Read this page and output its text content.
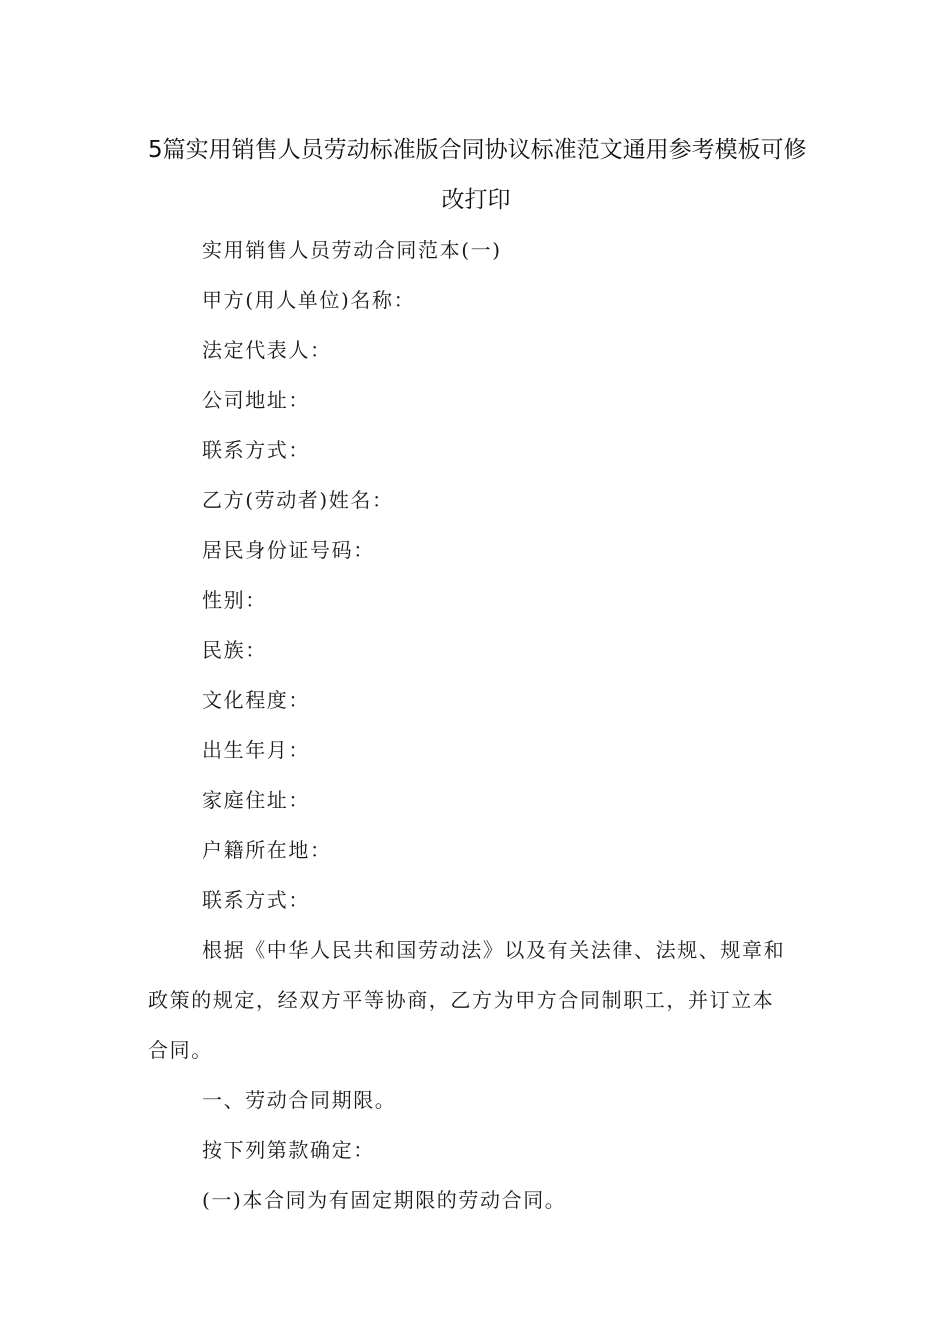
5篇实用销售人员劳动标准版合同协议标准范文通用参考模板可修
改打印
实用销售人员劳动合同范本(一)
甲方(用人单位)名称：
法定代表人：
公司地址：
联系方式：
乙方(劳动者)姓名：
居民身份证号码：
性别：
民族：
文化程度：
出生年月：
家庭住址：
户籍所在地：
联系方式：
根据《中华人民共和国劳动法》以及有关法律、法规、规章和
政策的规定，经双方平等协商，乙方为甲方合同制职工，并订立本
合同。
一、劳动合同期限。
按下列第款确定：
(一)本合同为有固定期限的劳动合同。
